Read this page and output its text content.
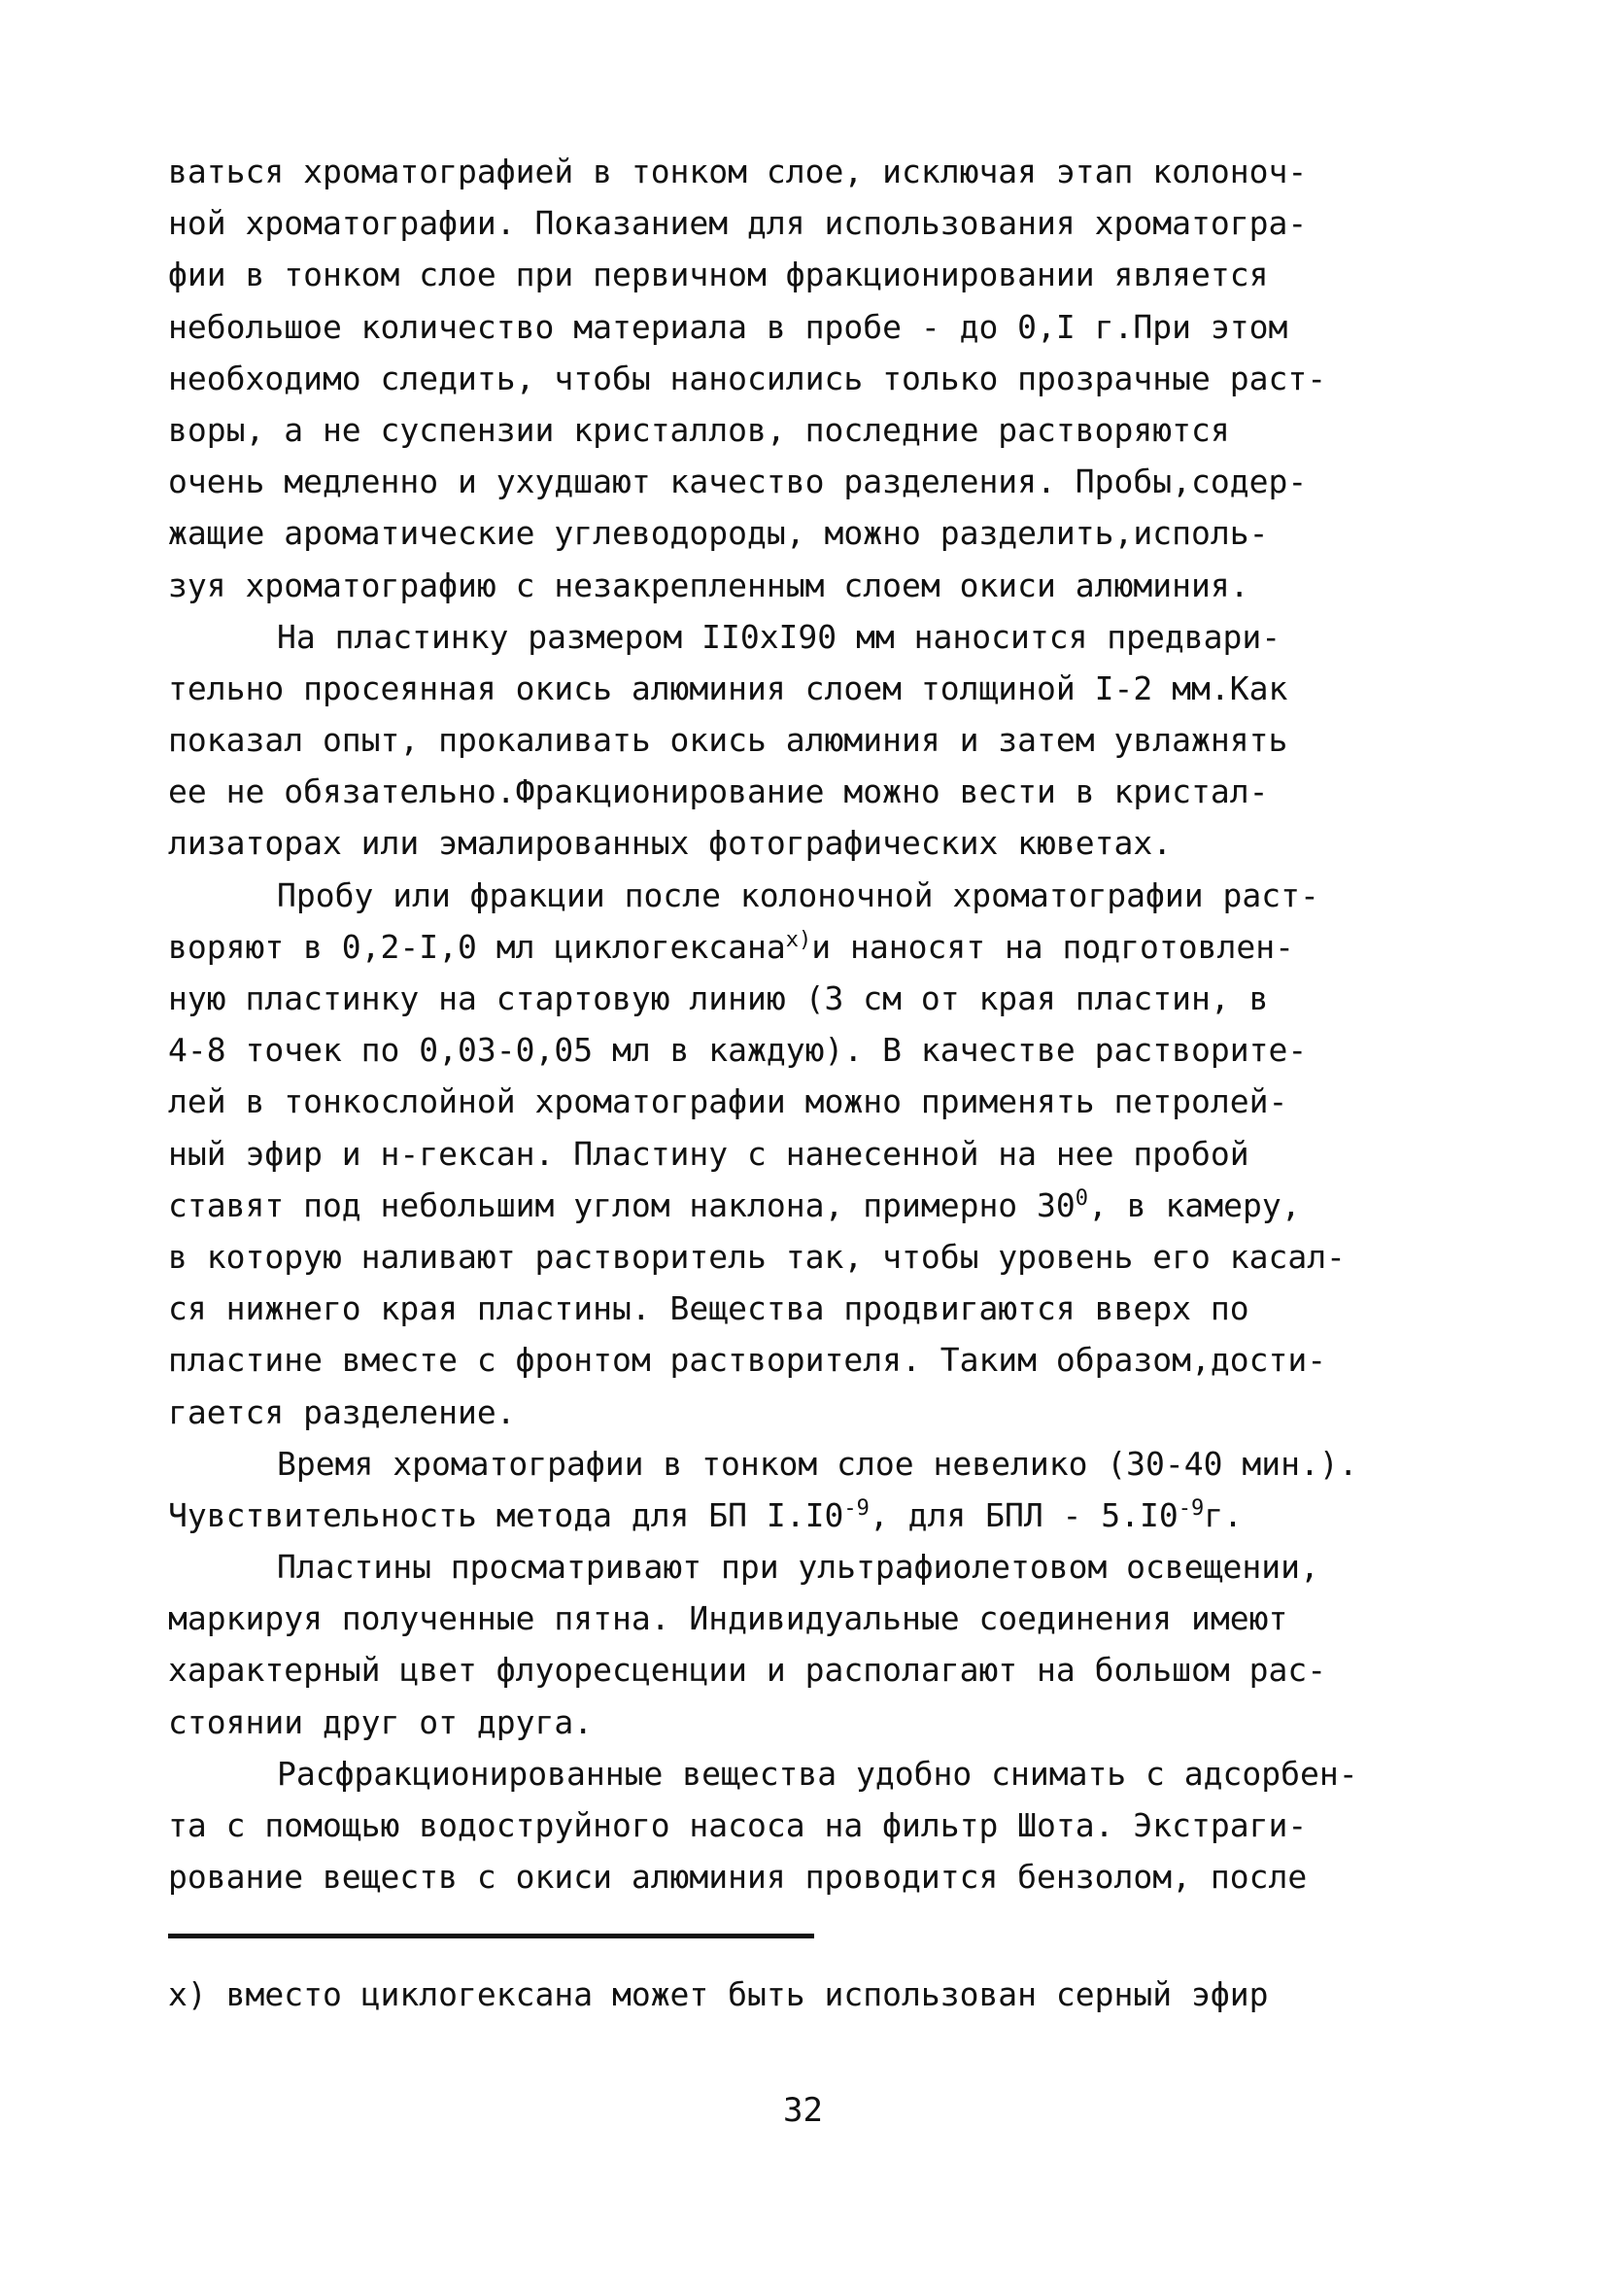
ваться хроматографией в тонком слое, исключая этап колоноч-
ной хроматографии. Показанием для использования хроматогра-
фии в тонком слое при первичном фракционировании является
небольшое количество материала в пробе - до 0,I г.При этом
необходимо следить, чтобы наносились только прозрачные раст-
воры, а не суспензии кристаллов, последние растворяются
очень медленно и ухудшают качество разделения. Пробы,содер-
жащие ароматические углеводороды, можно разделить,исполь-
зуя хроматографию с незакрепленным слоем окиси алюминия.
На пластинку размером II0xI90 мм наносится предвари-
тельно просеянная окись алюминия слоем толщиной I-2 мм.Как
показал опыт, прокаливать окись алюминия и затем увлажнять
ее не обязательно.Фракционирование можно вести в кристал-
лизаторах или эмалированных фотографических кюветах.
Пробу или фракции после колоночной хроматографии раст-
воряют в 0,2-I,0 мл циклогексана$^{x)}$и наносят на подготовлен-
ную пластинку на стартовую линию (3 см от края пластин, в
4-8 точек по 0,03-0,05 мл в каждую). В качестве растворите-
лей в тонкослойной хроматографии можно применять петролей-
ный эфир и н-гексан. Пластину с нанесенной на нее пробой
ставят под небольшим углом наклона, примерно $30^0$, в камеру,
в которую наливают растворитель так, чтобы уровень его касал-
ся нижнего края пластины. Вещества продвигаются вверх по
пластине вместе с фронтом растворителя. Таким образом,дости-
гается разделение.
Время хроматографии в тонком слое невелико (30-40 мин.).
Чувствительность метода для БП $I.I0^{-9}$, для БПЛ - $5.I0^{-9}г$.
Пластины просматривают при ультрафиолетовом освещении,
маркируя полученные пятна. Индивидуальные соединения имеют
характерный цвет флуоресценции и располагают на большом рас-
стоянии друг от друга.
Расфракционированные вещества удобно снимать с адсорбен-
та с помощью водоструйного насоса на фильтр Шота. Экстраги-
рование веществ с окиси алюминия проводится бензолом, после
x) вместо циклогексана может быть использован серный эфир
32
